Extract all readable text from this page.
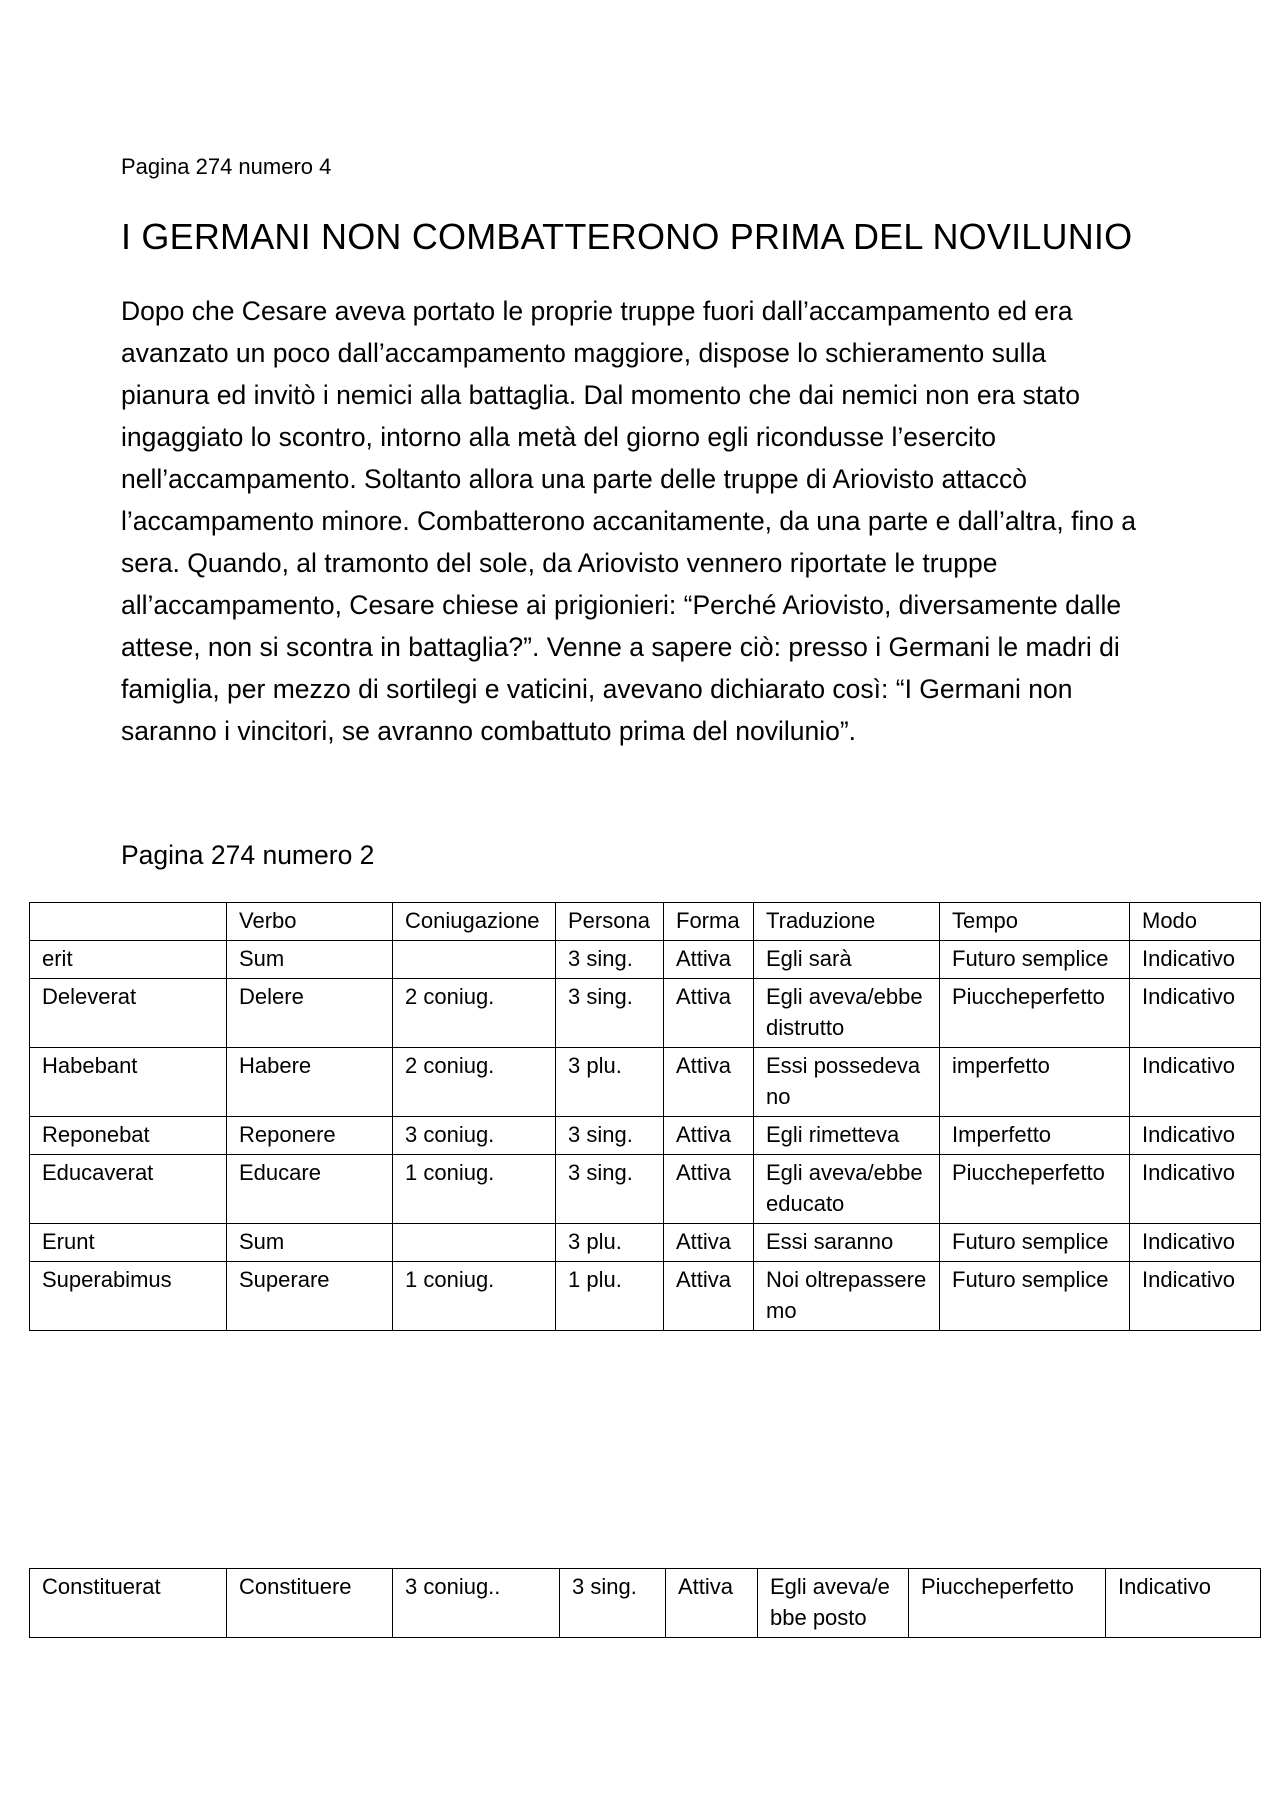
Pagina 274 numero 4
I GERMANI NON COMBATTERONO PRIMA DEL NOVILUNIO

Dopo che Cesare aveva portato le proprie truppe fuori dall’accampamento ed era avanzato un poco dall’accampamento maggiore, dispose lo schieramento sulla pianura ed invitò i nemici alla battaglia. Dal momento che dai nemici non era stato ingaggiato lo scontro, intorno alla metà del giorno egli ricondusse l’esercito nell’accampamento. Soltanto allora una parte delle truppe di Ariovisto attaccò l’accampamento minore. Combatterono accanitamente, da una parte e dall’altra, fino a sera. Quando, al tramonto del sole, da Ariovisto vennero riportate le truppe all’accampamento, Cesare chiese ai prigionieri: “Perché Ariovisto, diversamente dalle attese, non si scontra in battaglia?”. Venne a sapere ciò: presso i Germani le madri di famiglia, per mezzo di sortilegi e vaticini, avevano dichiarato così: “I Germani non saranno i vincitori, se avranno combattuto prima del novilunio”.

Pagina 274 numero 2
	Verbo	Coniugazione	Persona	Forma	Traduzione	Tempo	Modo
erit	Sum		3 sing.	Attiva	Egli sarà	Futuro semplice	Indicativo
Deleverat	Delere	2 coniug.	3 sing.	Attiva	Egli aveva/ebbe distrutto	Piuccheperfetto	Indicativo
Habebant	Habere	2 coniug.	3 plu.	Attiva	Essi possedevano	imperfetto	Indicativo
Reponebat	Reponere	3 coniug.	3 sing.	Attiva	Egli rimetteva	Imperfetto	Indicativo
Educaverat	Educare	1 coniug.	3 sing.	Attiva	Egli aveva/ebbe educato	Piuccheperfetto	Indicativo
Erunt	Sum		3 plu.	Attiva	Essi saranno	Futuro semplice	Indicativo
Superabimus	Superare	1 coniug.	1 plu.	Attiva	Noi oltrepasseremo	Futuro semplice	Indicativo
Constituerat	Constituere	3 coniug..	3 sing.	Attiva	Egli aveva/ebbe posto	Piuccheperfetto	Indicativo
